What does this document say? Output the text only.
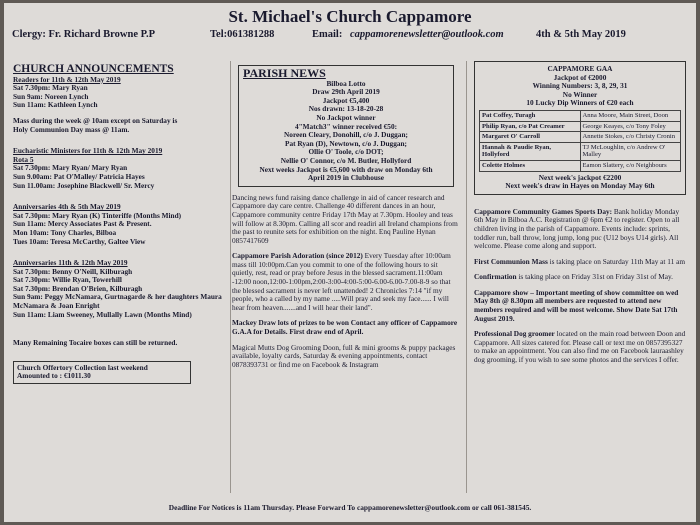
St. Michael's Church Cappamore
Clergy: Fr. Richard Browne P.P	Tel:061381288	Email: cappamorenewsletter@outlook.com	4th & 5th May 2019
CHURCH ANNOUNCEMENTS

Readers for 11th & 12th May 2019

Sat 7.30pm: Mary Ryan

Sun 9am: Noreen Lynch

Sun 11am: Kathleen Lynch

Mass during the week @ 10am except on Saturday is

Holy Communion Day mass @ 11am.

Eucharistic Ministers for 11th & 12th May 2019

Rota 5

Sat 7.30pm: Mary Ryan/ Mary Ryan

Sun 9.00am: Pat O'Malley/ Patricia Hayes

Sun 11.00am: Josephine Blackwell/ Sr. Mercy

Anniversaries 4th & 5th May 2019

Sat 7.30pm: Mary Ryan (K) Tinteriffe (Months Mind)

Sun 11am: Mercy Associates Past & Present.

Mon 10am: Tony Charles, Bilboa

Tues 10am: Teresa McCarthy, Galtee View

Anniversaries 11th & 12th May 2019

Sat 7.30pm: Benny O'Neill, Kilburagh

Sat 7.30pm: Willie Ryan, Towerhill

Sat 7.30pm: Brendan O'Brien, Kilburagh

Sun 9am: Peggy McNamara, Gurtnagarde & her daughters Maura McNamara & Joan Enright

Sun 11am: Liam Sweeney, Mullally Lawn (Months Mind)

Many Remaining Tocaire boxes can still be returned.

Church Offertory Collection last weekend

Amounted to : €1011.30

PARISH NEWS

Bilboa Lotto

Draw 29th April 2019

Jackpot €5,400

Nos drawn: 13-18-20-28

No Jackpot winner

4"Match3" winner received €50:

Noreen Cleary, Donohill, c/o J. Duggan;

Pat Ryan (D), Newtown, c/o J. Duggan;

Ollie O' Toole, c/o DOT;

Nellie O' Connor, c/o M. Butler, Hollyford

Next weeks Jackpot is €5,600 with draw on Monday 6th

April 2019 in Clubhouse

Dancing news fund raising dance challenge in aid of cancer research and Cappamore day care centre. Challenge 40 different dances in an hour, Cappamore community centre Friday 17th May at 7.30pm. Hooley and teas will follow at 8.30pm. Calling all scor and readiri all Ireland champions from the past to reunite sets for exhibition on the night. Enq Pauline Hynan 0857417609

Cappamore Parish Adoration (since 2012) Every Tuesday after 10:00am mass till 10:00pm.Can you commit to one of the following hours to sit quietly, rest, read or pray before Jesus in the blessed sacrament.11:00am -12:00 noon,12:00-1:00pm,2:00-3:00-4:00-5:00-6.00-6.00-7.00-8-9 so that the blessed sacrament is never left unattended! 2 Chronicles 7:14 "if my people, who a called by my name .....Will pray and seek my face...... I will hear from heaven.......and I will hear their land".

Mackey Draw lots of prizes to be won Contact any officer of Cappamore G.A.A for Details. First draw end of April.

Magical Mutts Dog Grooming Doon, full & mini grooms & puppy packages available, loyalty cards, Saturday & evening appointments, contact 0878393731 or find me on Facebook & Instagram

CAPPAMORE GAA

Jackpot of €2000

Winning Numbers: 3, 8, 29, 31

No Winner

10 Lucky Dip Winners of €20 each

Pat Coffey, Turagh	Anna Moore, Main Street, Doon
Philip Ryan, c/o Pat Creamer	George Keayes, c/o Tony Foley
Margaret O' Carroll	Annette Stokes, c/o Christy Cronin
Hannah & Paudie Ryan, Hollyford	TJ McLoughlin, c/o Andrew O' Malley
Colette Holmes	Eamon Slattery, c/o Neighbours

Next week's jackpot €2200

Next week's draw in Hayes on Monday May 6th

Cappamore Community Games Sports Day: Bank holiday Monday 6th May in Bilboa A.C. Registration @ 6pm €2 to register. Open to all children living in the parish of Cappamore. Events include: sprints, toddler run, ball throw, long jump, long puc (U12 boys U14 girls). All welcome. Please come along and support.

First Communion Mass is taking place on Saturday 11th May at 11 am

Confirmation is taking place on Friday 31st on Friday 31st of May.

Cappamore show – Important meeting of show committee on wed May 8th @ 8.30pm all members are requested to attend new members required and will be most welcome. Show Date Sat 17th August 2019.

Professional Dog groomer located on the main road between Doon and Cappamore. All sizes catered for. Please call or text me on 0857395327 to make an appointment. You can also find me on Facebook lauraashley dog grooming, if you wish to see some photos and the services I offer.

Deadline For Notices is 11am Thursday. Please Forward To cappamorenewsletter@outlook.com or call 061-381545.
